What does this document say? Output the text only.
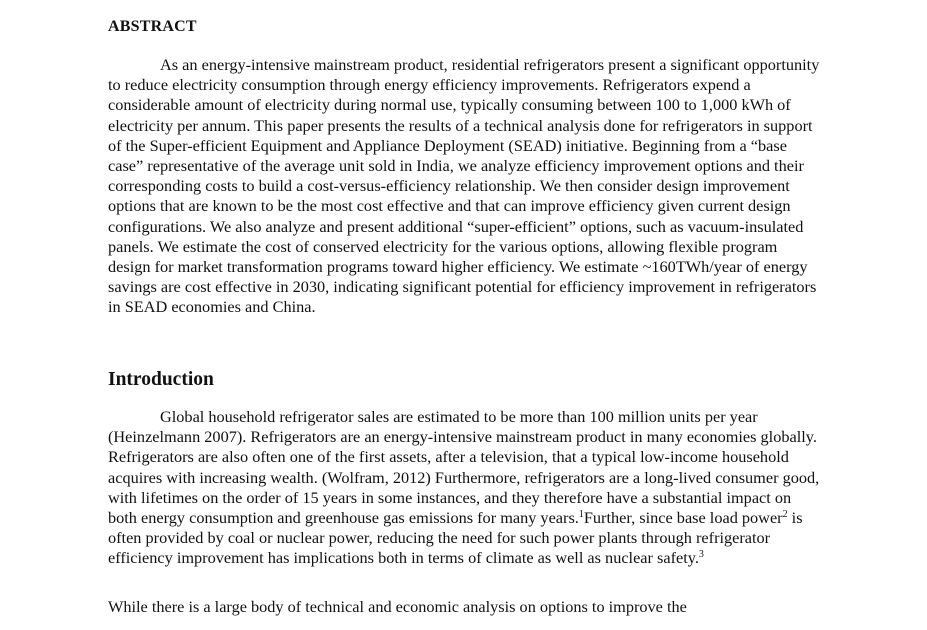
ABSTRACT

As an energy-intensive mainstream product, residential refrigerators present a significant opportunity to reduce electricity consumption through energy efficiency improvements. Refrigerators expend a considerable amount of electricity during normal use, typically consuming between 100 to 1,000 kWh of electricity per annum. This paper presents the results of a technical analysis done for refrigerators in support of the Super-efficient Equipment and Appliance Deployment (SEAD) initiative. Beginning from a “base case” representative of the average unit sold in India, we analyze efficiency improvement options and their corresponding costs to build a cost-versus-efficiency relationship. We then consider design improvement options that are known to be the most cost effective and that can improve efficiency given current design configurations. We also analyze and present additional “super-efficient” options, such as vacuum-insulated panels. We estimate the cost of conserved electricity for the various options, allowing flexible program design for market transformation programs toward higher efficiency. We estimate ~160TWh/year of energy savings are cost effective in 2030, indicating significant potential for efficiency improvement in refrigerators in SEAD economies and China.

Introduction

Global household refrigerator sales are estimated to be more than 100 million units per year (Heinzelmann 2007). Refrigerators are an energy-intensive mainstream product in many economies globally. Refrigerators are also often one of the first assets, after a television, that a typical low-income household acquires with increasing wealth. (Wolfram, 2012) Furthermore, refrigerators are a long-lived consumer good, with lifetimes on the order of 15 years in some instances, and they therefore have a substantial impact on both energy consumption and greenhouse gas emissions for many years.$^1$Further, since base load power$^2$ is often provided by coal or nuclear power, reducing the need for such power plants through refrigerator efficiency improvement has implications both in terms of climate as well as nuclear safety.$^3$

While there is a large body of technical and economic analysis on options to improve the
